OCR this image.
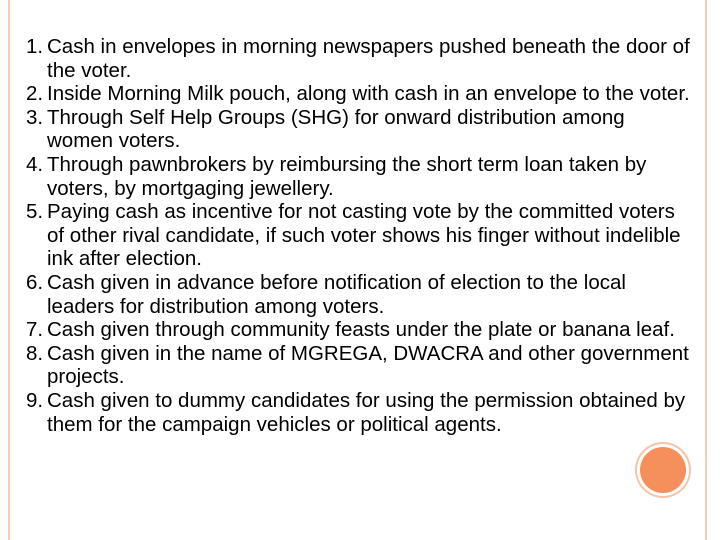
1. Cash in envelopes in morning newspapers pushed beneath the door of the voter.
2. Inside Morning Milk pouch, along with cash in an envelope to the voter.
3. Through Self Help Groups (SHG) for onward distribution among women voters.
4. Through pawnbrokers by reimbursing the short term loan taken by voters, by mortgaging jewellery.
5. Paying cash as incentive for not casting vote by the committed voters of other rival candidate, if such voter shows his finger without indelible ink after election.
6. Cash given in advance before notification of election to the local leaders for distribution among voters.
7. Cash given through community feasts under the plate or banana leaf.
8. Cash given in the name of MGREGA, DWACRA and other government projects.
9. Cash given to dummy candidates for using the permission obtained by them for the campaign vehicles or political agents.
